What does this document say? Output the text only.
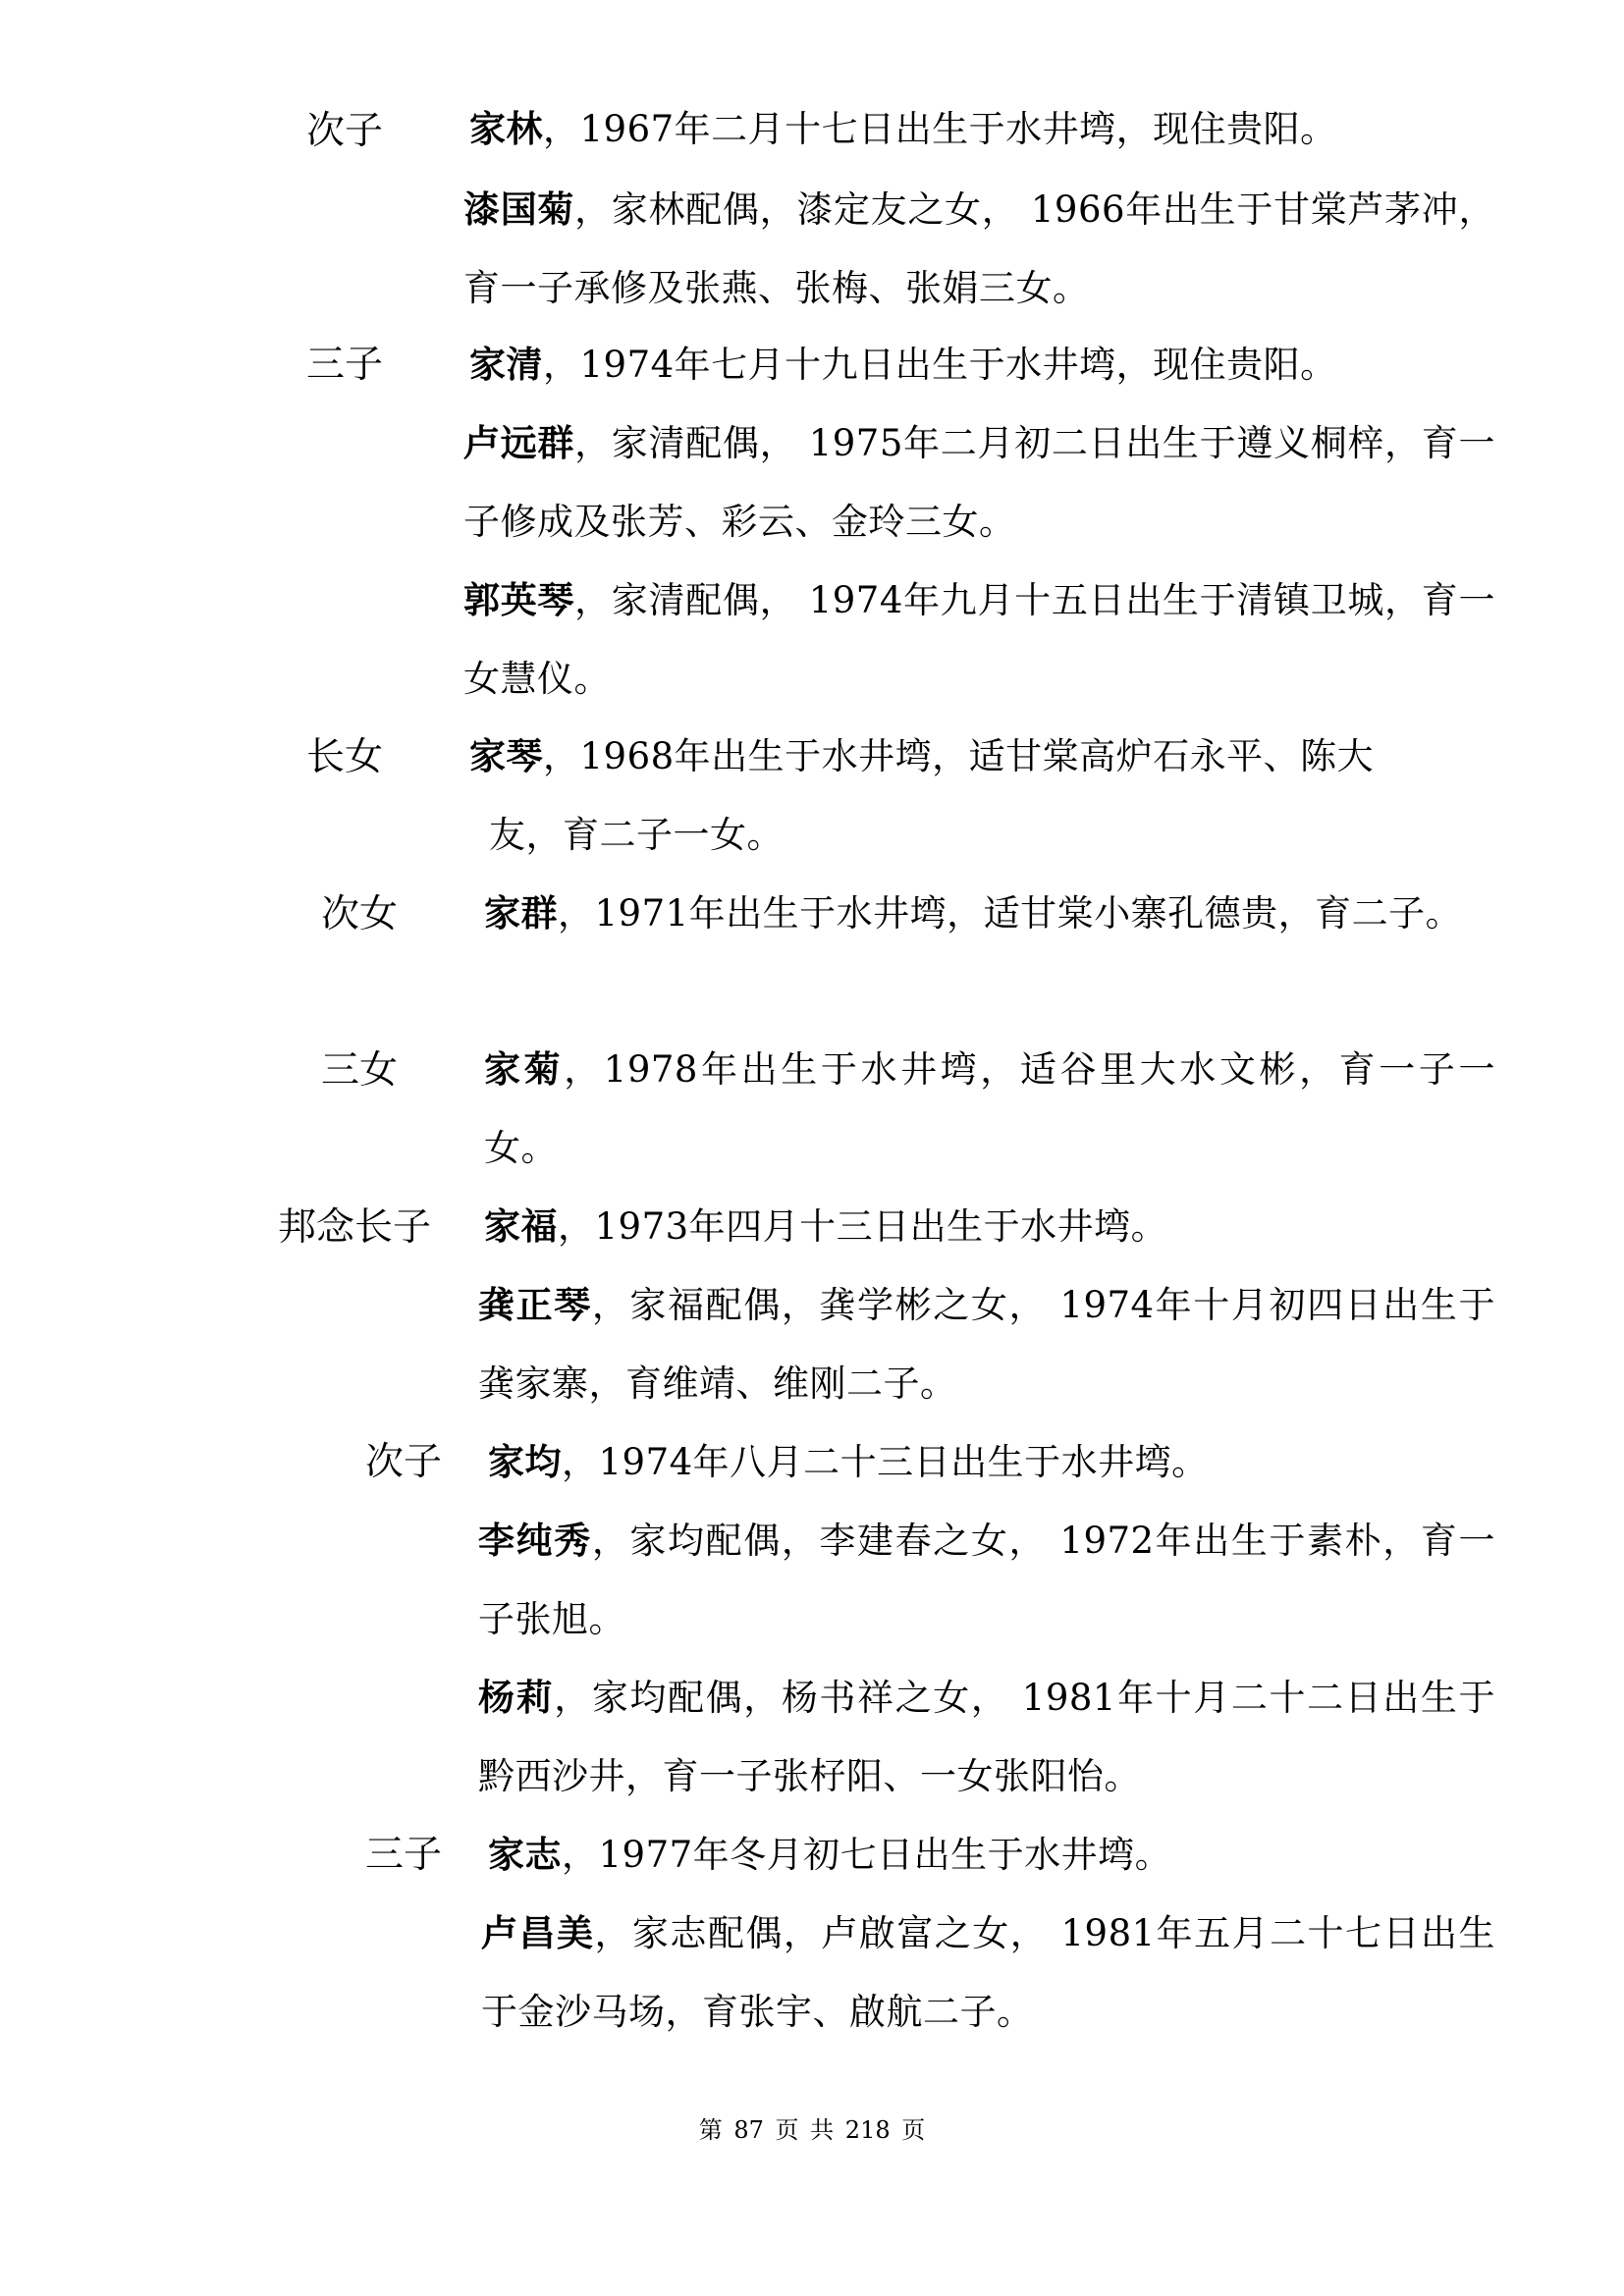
次子 家林，1967年二月十七日出生于水井塆，现住贵阳。
漆国菊，家林配偶，漆定友之女， 1966年出生于甘棠芦茅冲，育一子承修及张燕、张梅、张娟三女。
三子 家清，1974年七月十九日出生于水井塆，现住贵阳。
卢远群，家清配偶， 1975年二月初二日出生于遵义桐梓，育一子修成及张芳、彩云、金玲三女。
郭英琴，家清配偶， 1974年九月十五日出生于清镇卫城，育一女慧仪。
长女 家琴，1968年出生于水井塆，适甘棠高炉石永平、陈大
友，育二子一女。
次女 家群，1971年出生于水井塆，适甘棠小寨孔德贵，育二子。
三女 家菊，1978年出生于水井塆，适谷里大水文彬，育一子一女。
邦念长子 家福，1973年四月十三日出生于水井塆。
龚正琴，家福配偶，龚学彬之女， 1974年十月初四日出生于龚家寨，育维靖、维刚二子。
次子 家均，1974年八月二十三日出生于水井塆。
李纯秀，家均配偶，李建春之女， 1972年出生于素朴，育一子张旭。
杨莉，家均配偶，杨书祥之女， 1981年十月二十二日出生于黔西沙井，育一子张杍阳、一女张阳怡。
三子 家志，1977年冬月初七日出生于水井塆。
卢昌美，家志配偶，卢啟富之女， 1981年五月二十七日出生于金沙马场，育张宇、啟航二子。
第 87 页 共 218 页
